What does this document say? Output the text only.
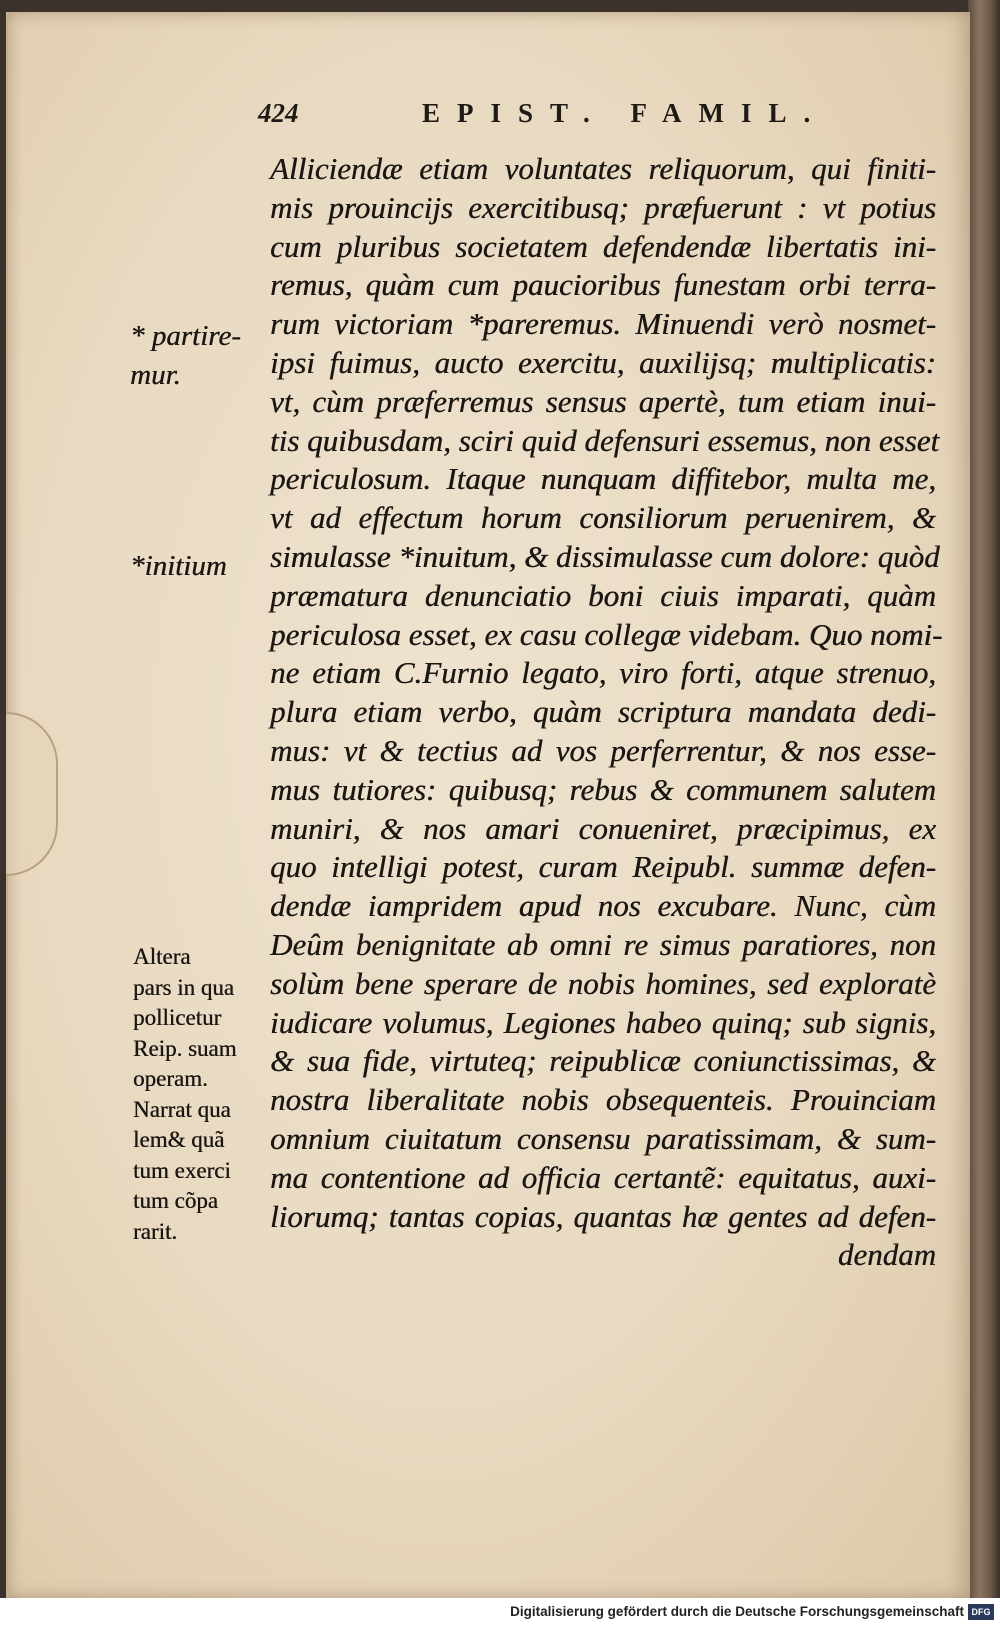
424	EPIST. FAMIL.
Alliciendæ etiam voluntates reliquorum, qui finiti-
mis prouincijs exercitibusq; præfuerunt : vt potius
cum pluribus societatem defendendæ libertatis ini-
remus, quàm cum paucioribus funestam orbi terra-
rum victoriam *pareremus. Minuendi verò nosmet-
ipsi fuimus, aucto exercitu, auxilijsq; multiplicatis:
vt, cùm præferremus sensus apertè, tum etiam inui-
tis quibusdam, sciri quid defensuri essemus, non esset
periculosum. Itaque nunquam diffitebor, multa me,
vt ad effectum horum consiliorum peruenirem, &
simulasse *inuitum, & dissimulasse cum dolore: quòd
præmatura denunciatio boni ciuis imparati, quàm
periculosa esset, ex casu collegæ videbam. Quo nomi-
ne etiam C.Furnio legato, viro forti, atque strenuo,
plura etiam verbo, quàm scriptura mandata dedi-
mus: vt & tectius ad vos perferrentur, & nos esse-
mus tutiores: quibusq; rebus & communem salutem
muniri, & nos amari conueniret, præcipimus, ex
quo intelligi potest, curam Reipubl. summæ defen-
dendæ iampridem apud nos excubare. Nunc, cùm
Deûm benignitate ab omni re simus paratiores, non
solùm bene sperare de nobis homines, sed exploratè
iudicare volumus, Legiones habeo quinq; sub signis,
& sua fide, virtuteq; reipublicæ coniunctissimas, &
nostra liberalitate nobis obsequenteis. Prouinciam
omnium ciuitatum consensu paratissimam, & sum-
ma contentione ad officia certantẽ: equitatus, auxi-
liorumq; tantas copias, quantas hæ gentes ad defen-
dendam
* partire-
mur.
*initium
Altera
pars in qua
pollicetur
Reip. suam
operam.
Narrat qua
lem& quã
tum exerci
tum cõpa
rarit.
Digitalisierung gefördert durch die Deutsche Forschungsgemeinschaft DFG
